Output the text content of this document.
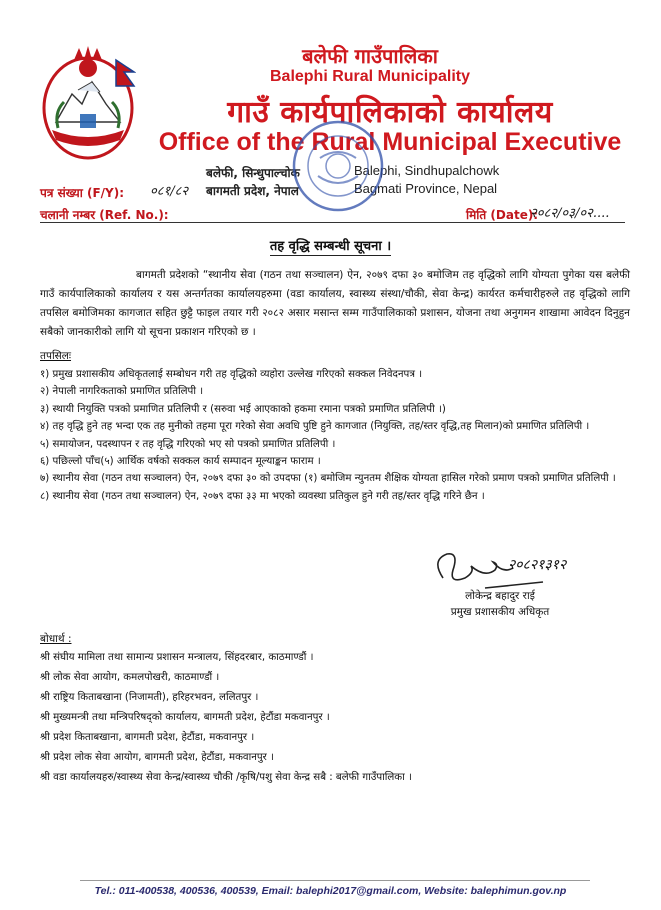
बलेफी गाउँपालिका
Balephi Rural Municipality
गाउँ कार्यपालिकाको कार्यालय
Office of the Rural Municipal Executive
बलेफी, सिन्धुपाल्चोक	Balephi, Sindhupalchowk
बागमती प्रदेश, नेपाल	Bagmati Province, Nepal
पत्र संख्या (F/Y): ०८१/८२
चलानी नम्बर (Ref. No.):	मिति (Date):
२०८२/०३/०२....
तह वृद्धि सम्बन्धी सूचना ।

बागमती प्रदेशको “स्थानीय सेवा (गठन तथा सञ्चालन) ऐन, २०७९ दफा ३० बमोजिम तह वृद्धिको लागि योग्यता पुगेका यस बलेफी गाउँ कार्यपालिकाको कार्यालय र यस अन्तर्गतका कार्यालयहरुमा (वडा कार्यालय, स्वास्थ्य संस्था/चौकी, सेवा केन्द्र) कार्यरत कर्मचारीहरुले तह वृद्धिको लागि तपसिल बमोजिमका कागजात सहित छुट्टै फाइल तयार गरी २०८२ असार मसान्त सम्म गाउँपालिकाको प्रशासन, योजना तथा अनुगमन शाखामा आवेदन दिनुहुन सबैको जानकारीको लागि यो सूचना प्रकाशन गरिएको छ ।

तपसिलः
१) प्रमुख प्रशासकीय अधिकृतलाई सम्बोधन गरी तह वृद्धिको व्यहोरा उल्लेख गरिएको सक्कल निवेदनपत्र ।
२) नेपाली नागरिकताको प्रमाणित प्रतिलिपी ।
३) स्थायी नियुक्ति पत्रको प्रमाणित प्रतिलिपी र (सरुवा भई आएकाको हकमा रमाना पत्रको प्रमाणित प्रतिलिपी ।)
४) तह वृद्धि हुने तह भन्दा एक तह मुनीको तहमा पूरा गरेको सेवा अवधि पुष्टि हुने कागजात (नियुक्ति, तह/स्तर वृद्धि,तह मिलान)को प्रमाणित प्रतिलिपी ।
५) समायोजन, पदस्थापन र तह वृद्धि गरिएको भए सो पत्रको प्रमाणित प्रतिलिपी ।
६) पछिल्लो पाँच(५) आर्थिक वर्षको सक्कल कार्य सम्पादन मूल्याङ्कन फाराम ।
७) स्थानीय सेवा (गठन तथा सञ्चालन) ऐन, २०७९ दफा ३० को उपदफा (१) बमोजिम न्युनतम शैक्षिक योग्यता हासिल गरेको प्रमाण पत्रको प्रमाणित प्रतिलिपी ।
८) स्थानीय सेवा (गठन तथा सञ्चालन) ऐन, २०७९ दफा ३३ मा भएको व्यवस्था प्रतिकुल हुने गरी तह/स्तर वृद्धि गरिने छैन ।
२०८२१३१२
लोकेन्द्र बहादुर राई
प्रमुख प्रशासकीय अधिकृत
बोधार्थ :
श्री संघीय मामिला तथा सामान्य प्रशासन मन्त्रालय, सिंहदरबार, काठमाण्डौं ।
श्री लोक सेवा आयोग, कमलपोखरी, काठमाण्डौं ।
श्री राष्ट्रिय किताबखाना (निजामती), हरिहरभवन, ललितपुर ।
श्री मुख्यमन्त्री तथा मन्त्रिपरिषद्को कार्यालय, बागमती प्रदेश, हेटौंडा मकवानपुर ।
श्री प्रदेश किताबखाना, बागमती प्रदेश, हेटौंडा, मकवानपुर ।
श्री प्रदेश लोक सेवा आयोग, बागमती प्रदेश, हेटौंडा, मकवानपुर ।
श्री वडा कार्यालयहरु/स्वास्थ्य सेवा केन्द्र/स्वास्थ्य चौकी /कृषि/पशु सेवा केन्द्र सबै : बलेफी गाउँपालिका ।
Tel.: 011-400538, 400536, 400539, Email: balephi2017@gmail.com, Website: balephimun.gov.np
